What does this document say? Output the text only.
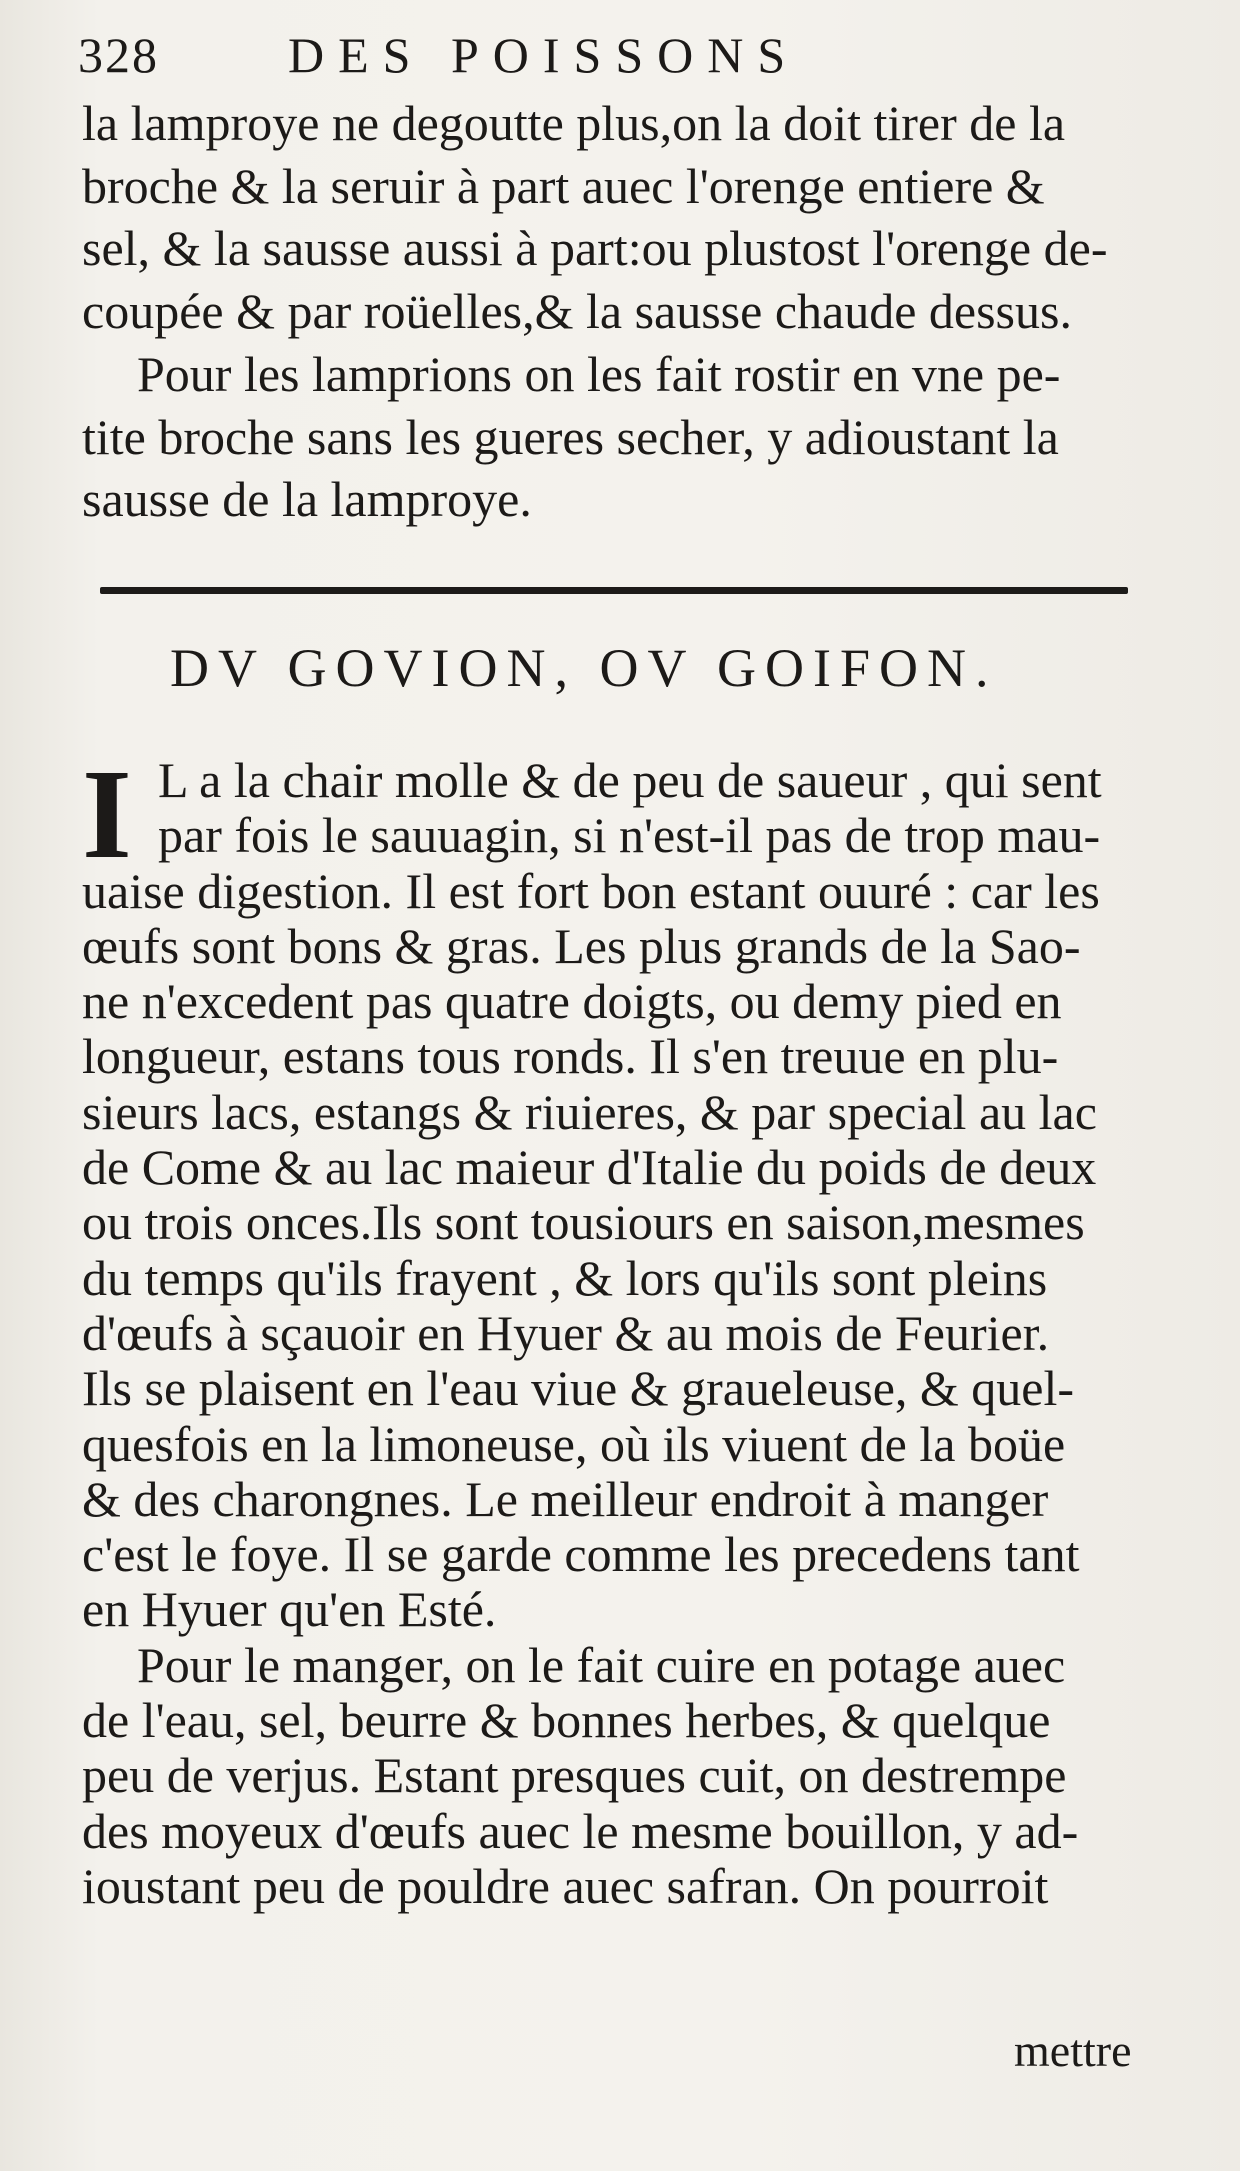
328	DES POISSONS
la lamproye ne degoutte plus,on la doit tirer de la
broche & la seruir à part auec l'orenge entiere &
sel, & la sausse aussi à part:ou plustost l'orenge de-
coupée & par roüelles,& la sausse chaude dessus.
Pour les lamprions on les fait rostir en vne pe-
tite broche sans les gueres secher, y adioustant la
sausse de la lamproye.
DV GOVION, OV GOIFON.
I L a la chair molle & de peu de saueur , qui sent
par fois le sauuagin, si n'est-il pas de trop mau-
uaise digestion. Il est fort bon estant ouuré : car les
œufs sont bons & gras. Les plus grands de la Sao-
ne n'excedent pas quatre doigts, ou demy pied en
longueur, estans tous ronds. Il s'en treuue en plu-
sieurs lacs, estangs & riuieres, & par special au lac
de Come & au lac maieur d'Italie du poids de deux
ou trois onces.Ils sont tousiours en saison,mesmes
du temps qu'ils frayent , & lors qu'ils sont pleins
d'œufs à sçauoir en Hyuer & au mois de Feurier.
Ils se plaisent en l'eau viue & graueleuse, & quel-
quesfois en la limoneuse, où ils viuent de la boüe
& des charongnes. Le meilleur endroit à manger
c'est le foye. Il se garde comme les precedens tant
en Hyuer qu'en Esté.
Pour le manger, on le fait cuire en potage auec
de l'eau, sel, beurre & bonnes herbes, & quelque
peu de verjus. Estant presques cuit, on destrempe
des moyeux d'œufs auec le mesme bouillon, y ad-
ioustant peu de pouldre auec safran. On pourroit
mettre
